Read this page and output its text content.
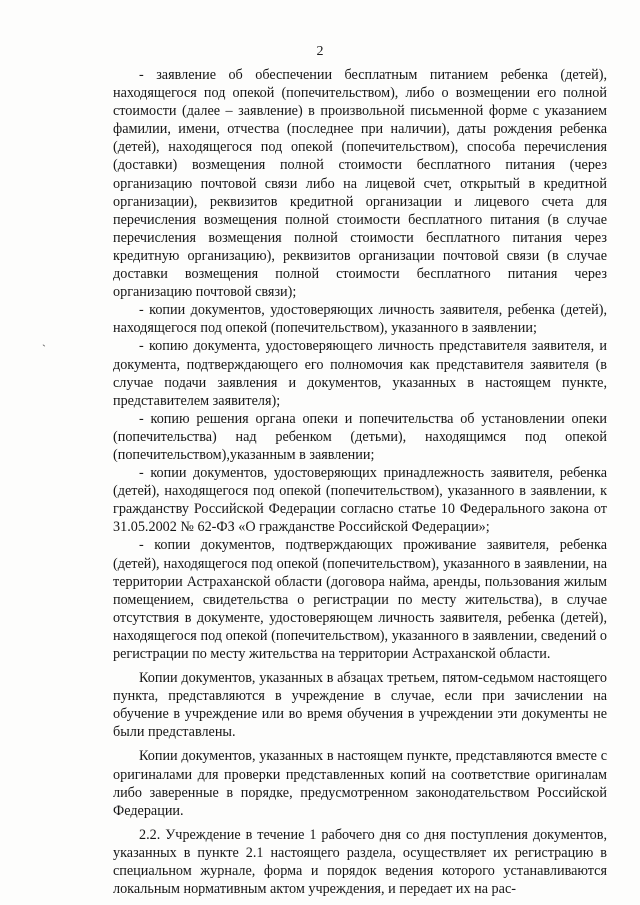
2
`

- заявление об обеспечении бесплатным питанием ребенка (детей), находящегося под опекой (попечительством), либо о возмещении его полной стоимости (далее – заявление) в произвольной письменной форме с указанием фамилии, имени, отчества (последнее при наличии), даты рождения ребенка (детей), находящегося под опекой (попечительством), способа перечисления (доставки) возмещения полной стоимости бесплатного питания (через организацию почтовой связи либо на лицевой счет, открытый в кредитной организации), реквизитов кредитной организации и лицевого счета для перечисления возмещения полной стоимости бесплатного питания (в случае перечисления возмещения полной стоимости бесплатного питания через кредитную организацию), реквизитов организации почтовой связи (в случае доставки возмещения полной стоимости бесплатного питания через организацию почтовой связи);

- копии документов, удостоверяющих личность заявителя, ребенка (детей), находящегося под опекой (попечительством), указанного в заявлении;

- копию документа, удостоверяющего личность представителя заявителя, и документа, подтверждающего его полномочия как представителя заявителя (в случае подачи заявления и документов, указанных в настоящем пункте, представителем заявителя);

- копию решения органа опеки и попечительства об установлении опеки (попечительства) над ребенком (детьми), находящимся под опекой (попечительством),указанным в заявлении;

- копии документов, удостоверяющих принадлежность заявителя, ребенка (детей), находящегося под опекой (попечительством), указанного в заявлении, к гражданству Российской Федерации согласно статье 10 Федерального закона от 31.05.2002 № 62-ФЗ «О гражданстве Российской Федерации»;

- копии документов, подтверждающих проживание заявителя, ребенка (детей), находящегося под опекой (попечительством), указанного в заявлении, на территории Астраханской области (договора найма, аренды, пользования жилым помещением, свидетельства о регистрации по месту жительства), в случае отсутствия в документе, удостоверяющем личность заявителя, ребенка (детей), находящегося под опекой (попечительством), указанного в заявлении, сведений о регистрации по месту жительства на территории Астраханской области.

Копии документов, указанных в абзацах третьем, пятом-седьмом настоящего пункта, представляются в учреждение в случае, если при зачислении на обучение в учреждение или во время обучения в учреждении эти документы не были представлены.

Копии документов, указанных в настоящем пункте, представляются вместе с оригиналами для проверки представленных копий на соответствие оригиналам либо заверенные в порядке, предусмотренном законодательством Российской Федерации.

2.2. Учреждение в течение 1 рабочего дня со дня поступления документов, указанных в пункте 2.1 настоящего раздела, осуществляет их регистрацию в специальном журнале, форма и порядок ведения которого устанавливаются локальным нормативным актом учреждения, и передает их на рас-
